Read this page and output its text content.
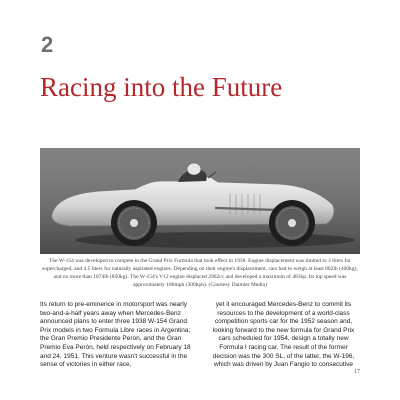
2
Racing into the Future
The W-154 was developed to compete in the Grand Prix Formula that took effect in 1938. Engine displacement was limited to 3 liters for supercharged, and 4.5 liters for naturally aspirated engines. Depending on their engine's displacement, cars had to weigh at least 882lb (400kg), and no more than 1874lb (850kg). The W-154's V12 engine displaced 2962cc and developed a maximum of 483hp. Its top speed was approximately 186mph (300kph). (Courtesy Daimler Media)
Its return to pre-eminence in motorsport was nearly two-and-a-half years away when Mercedes-Benz announced plans to enter three 1938 W-154 Grand Prix models in two Formula Libre races in Argentina; the Gran Premio Presidente Peron, and the Gran Premio Eva Perón, held respectively on February 18 and 24, 1951. This venture wasn't successful in the sense of victories in either race,
yet it encouraged Mercedes-Benz to commit its resources to the development of a world-class competition sports car for the 1952 season and, looking forward to the new formula for Grand Prix cars scheduled for 1954, design a totally new Formula I racing car. The result of the former decision was the 300 SL, of the latter, the W-196, which was driven by Juan Fangio to consecutive
17
